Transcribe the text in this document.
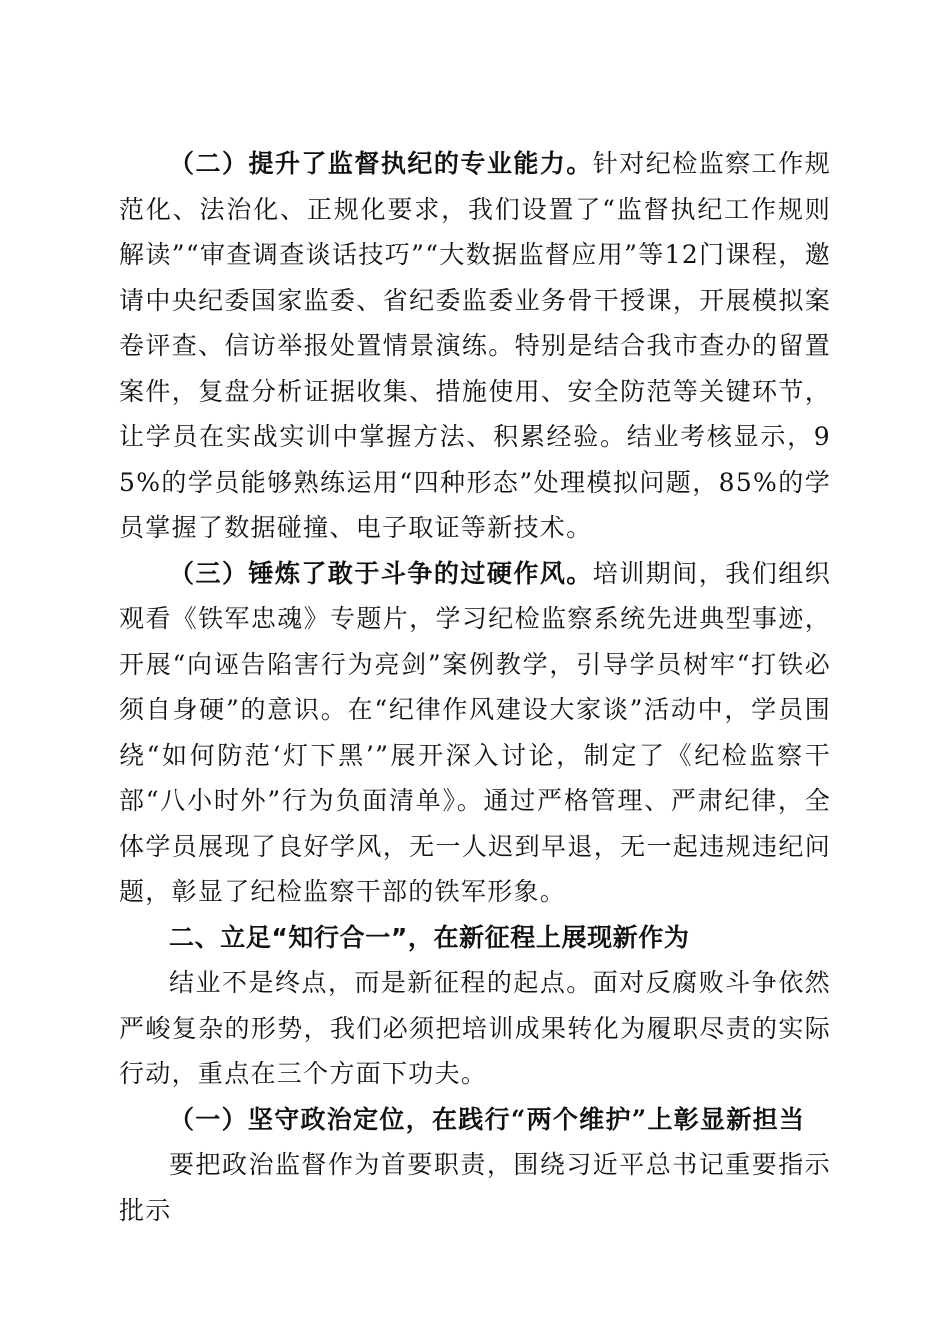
（二）提升了监督执纪的专业能力。针对纪检监察工作规范化、法治化、正规化要求，我们设置了“监督执纪工作规则解读”“审查调查谈话技巧”“大数据监督应用”等12门课程，邀请中央纪委国家监委、省纪委监委业务骨干授课，开展模拟案卷评查、信访举报处置情景演练。特别是结合我市查办的留置案件，复盘分析证据收集、措施使用、安全防范等关键环节，让学员在实战实训中掌握方法、积累经验。结业考核显示，95%的学员能够熟练运用“四种形态”处理模拟问题，85%的学员掌握了数据碰撞、电子取证等新技术。

（三）锤炼了敢于斗争的过硬作风。培训期间，我们组织观看《铁军忠魂》专题片，学习纪检监察系统先进典型事迹，开展“向诬告陷害行为亮剑”案例教学，引导学员树牢“打铁必须自身硬”的意识。在“纪律作风建设大家谈”活动中，学员围绕“如何防范‘灯下黑’”展开深入讨论，制定了《纪检监察干部“八小时外”行为负面清单》。通过严格管理、严肃纪律，全体学员展现了良好学风，无一人迟到早退，无一起违规违纪问题，彰显了纪检监察干部的铁军形象。

二、立足“知行合一”，在新征程上展现新作为

结业不是终点，而是新征程的起点。面对反腐败斗争依然严峻复杂的形势，我们必须把培训成果转化为履职尽责的实际行动，重点在三个方面下功夫。

（一）坚守政治定位，在践行“两个维护”上彰显新担当

要把政治监督作为首要职责，围绕习近平总书记重要指示批示
